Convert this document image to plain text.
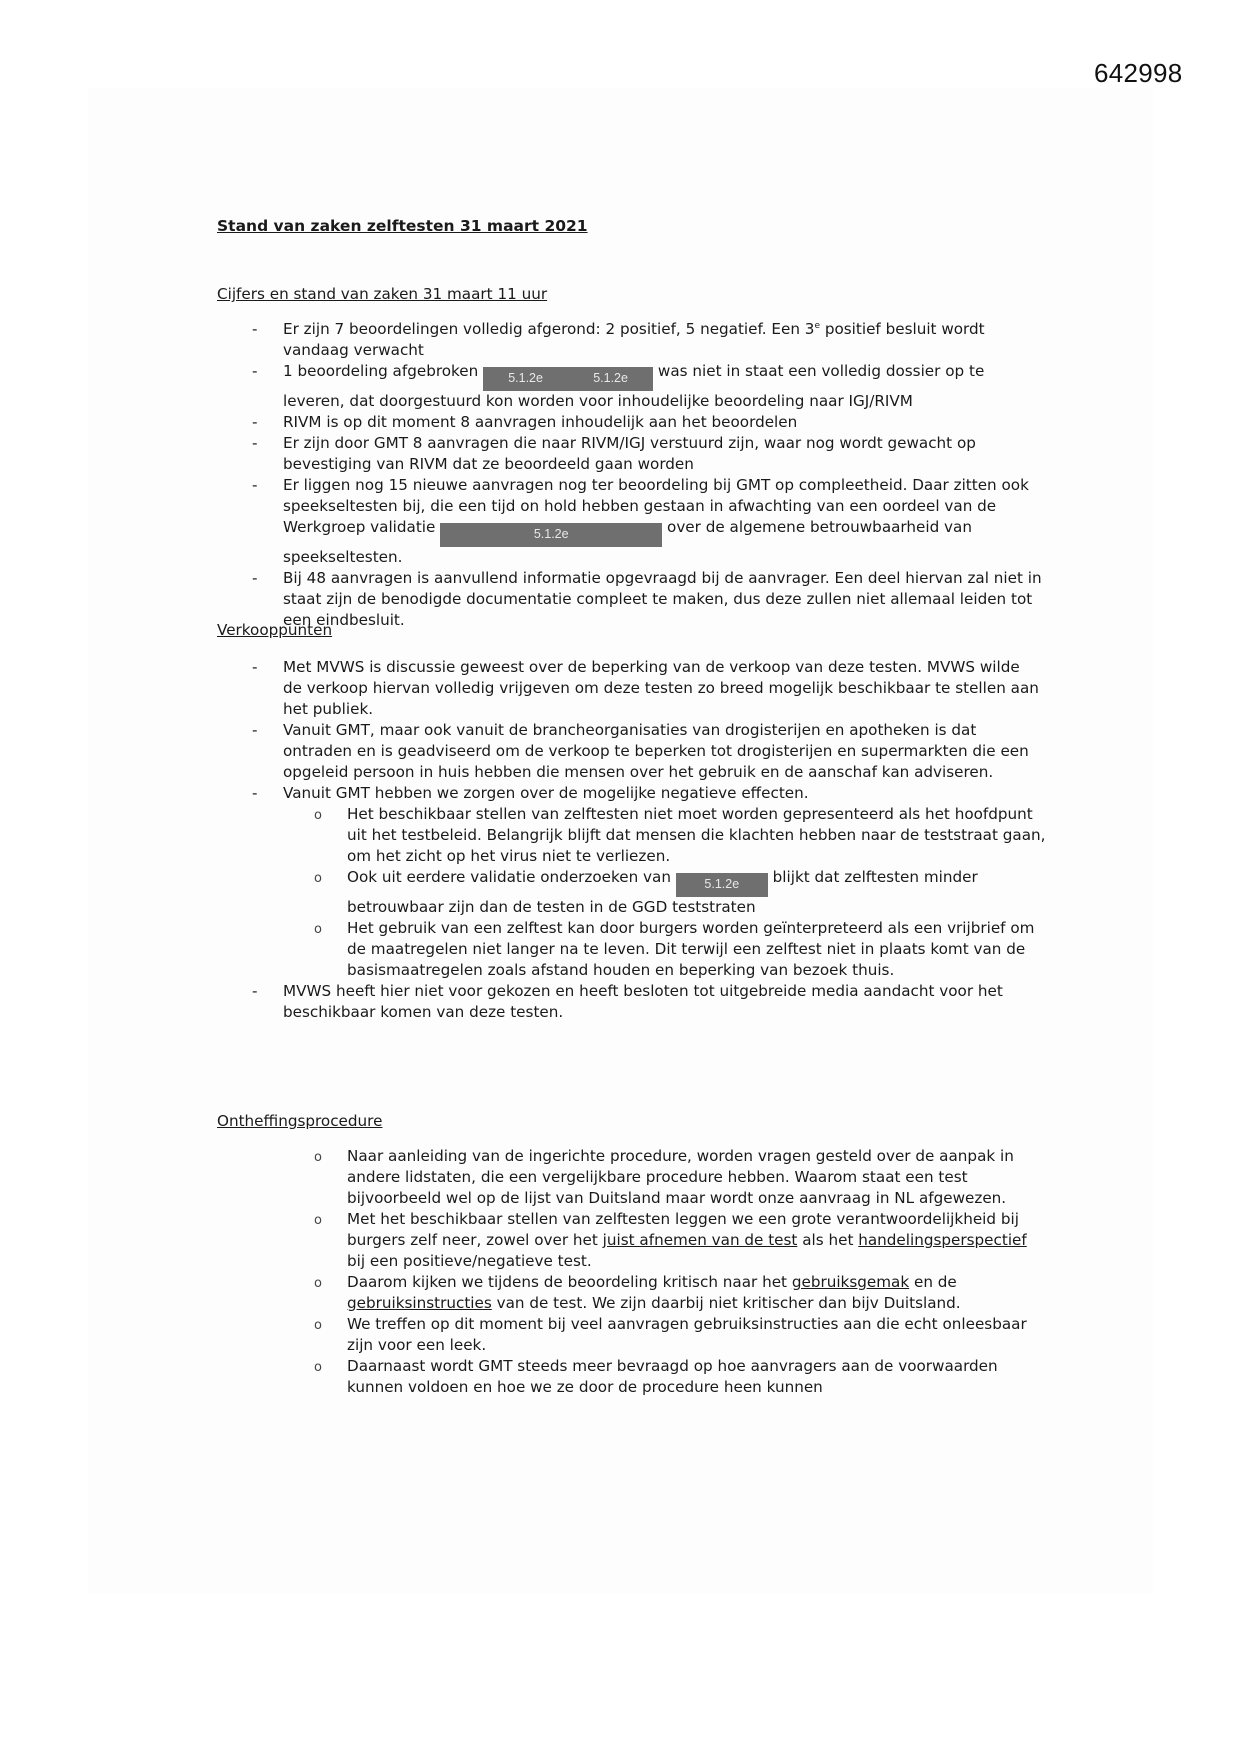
642998
Stand van zaken zelftesten 31 maart 2021
Cijfers en stand van zaken 31 maart 11 uur
- Er zijn 7 beoordelingen volledig afgerond: 2 positief, 5 negatief. Een 3e positief besluit wordt vandaag verwacht
- 1 beoordeling afgebroken 5.1.2e	5.1.2e was niet in staat een volledig dossier op te leveren, dat doorgestuurd kon worden voor inhoudelijke beoordeling naar IGJ/RIVM
- RIVM is op dit moment 8 aanvragen inhoudelijk aan het beoordelen
- Er zijn door GMT 8 aanvragen die naar RIVM/IGJ verstuurd zijn, waar nog wordt gewacht op bevestiging van RIVM dat ze beoordeeld gaan worden
- Er liggen nog 15 nieuwe aanvragen nog ter beoordeling bij GMT op compleetheid. Daar zitten ook speekseltesten bij, die een tijd on hold hebben gestaan in afwachting van een oordeel van de Werkgroep validatie	5.1.2e	over de algemene betrouwbaarheid van speekseltesten.
- Bij 48 aanvragen is aanvullend informatie opgevraagd bij de aanvrager. Een deel hiervan zal niet in staat zijn de benodigde documentatie compleet te maken, dus deze zullen niet allemaal leiden tot een eindbesluit.
Verkooppunten
- Met MVWS is discussie geweest over de beperking van de verkoop van deze testen. MVWS wilde de verkoop hiervan volledig vrijgeven om deze testen zo breed mogelijk beschikbaar te stellen aan het publiek.
- Vanuit GMT, maar ook vanuit de brancheorganisaties van drogisterijen en apotheken is dat ontraden en is geadviseerd om de verkoop te beperken tot drogisterijen en supermarkten die een opgeleid persoon in huis hebben die mensen over het gebruik en de aanschaf kan adviseren.
- Vanuit GMT hebben we zorgen over de mogelijke negatieve effecten.
o Het beschikbaar stellen van zelftesten niet moet worden gepresenteerd als het hoofdpunt uit het testbeleid. Belangrijk blijft dat mensen die klachten hebben naar de teststraat gaan, om het zicht op het virus niet te verliezen.
o Ook uit eerdere validatie onderzoeken van 5.1.2e blijkt dat zelftesten minder betrouwbaar zijn dan de testen in de GGD teststraten
o Het gebruik van een zelftest kan door burgers worden geïnterpreteerd als een vrijbrief om de maatregelen niet langer na te leven. Dit terwijl een zelftest niet in plaats komt van de basismaatregelen zoals afstand houden en beperking van bezoek thuis.
- MVWS heeft hier niet voor gekozen en heeft besloten tot uitgebreide media aandacht voor het beschikbaar komen van deze testen.
Ontheffingsprocedure
o Naar aanleiding van de ingerichte procedure, worden vragen gesteld over de aanpak in andere lidstaten, die een vergelijkbare procedure hebben. Waarom staat een test bijvoorbeeld wel op de lijst van Duitsland maar wordt onze aanvraag in NL afgewezen.
o Met het beschikbaar stellen van zelftesten leggen we een grote verantwoordelijkheid bij burgers zelf neer, zowel over het juist afnemen van de test als het handelingsperspectief bij een positieve/negatieve test.
o Daarom kijken we tijdens de beoordeling kritisch naar het gebruiksgemak en de gebruiksinstructies van de test. We zijn daarbij niet kritischer dan bijv Duitsland.
o We treffen op dit moment bij veel aanvragen gebruiksinstructies aan die echt onleesbaar zijn voor een leek.
o Daarnaast wordt GMT steeds meer bevraagd op hoe aanvragers aan de voorwaarden kunnen voldoen en hoe we ze door de procedure heen kunnen
